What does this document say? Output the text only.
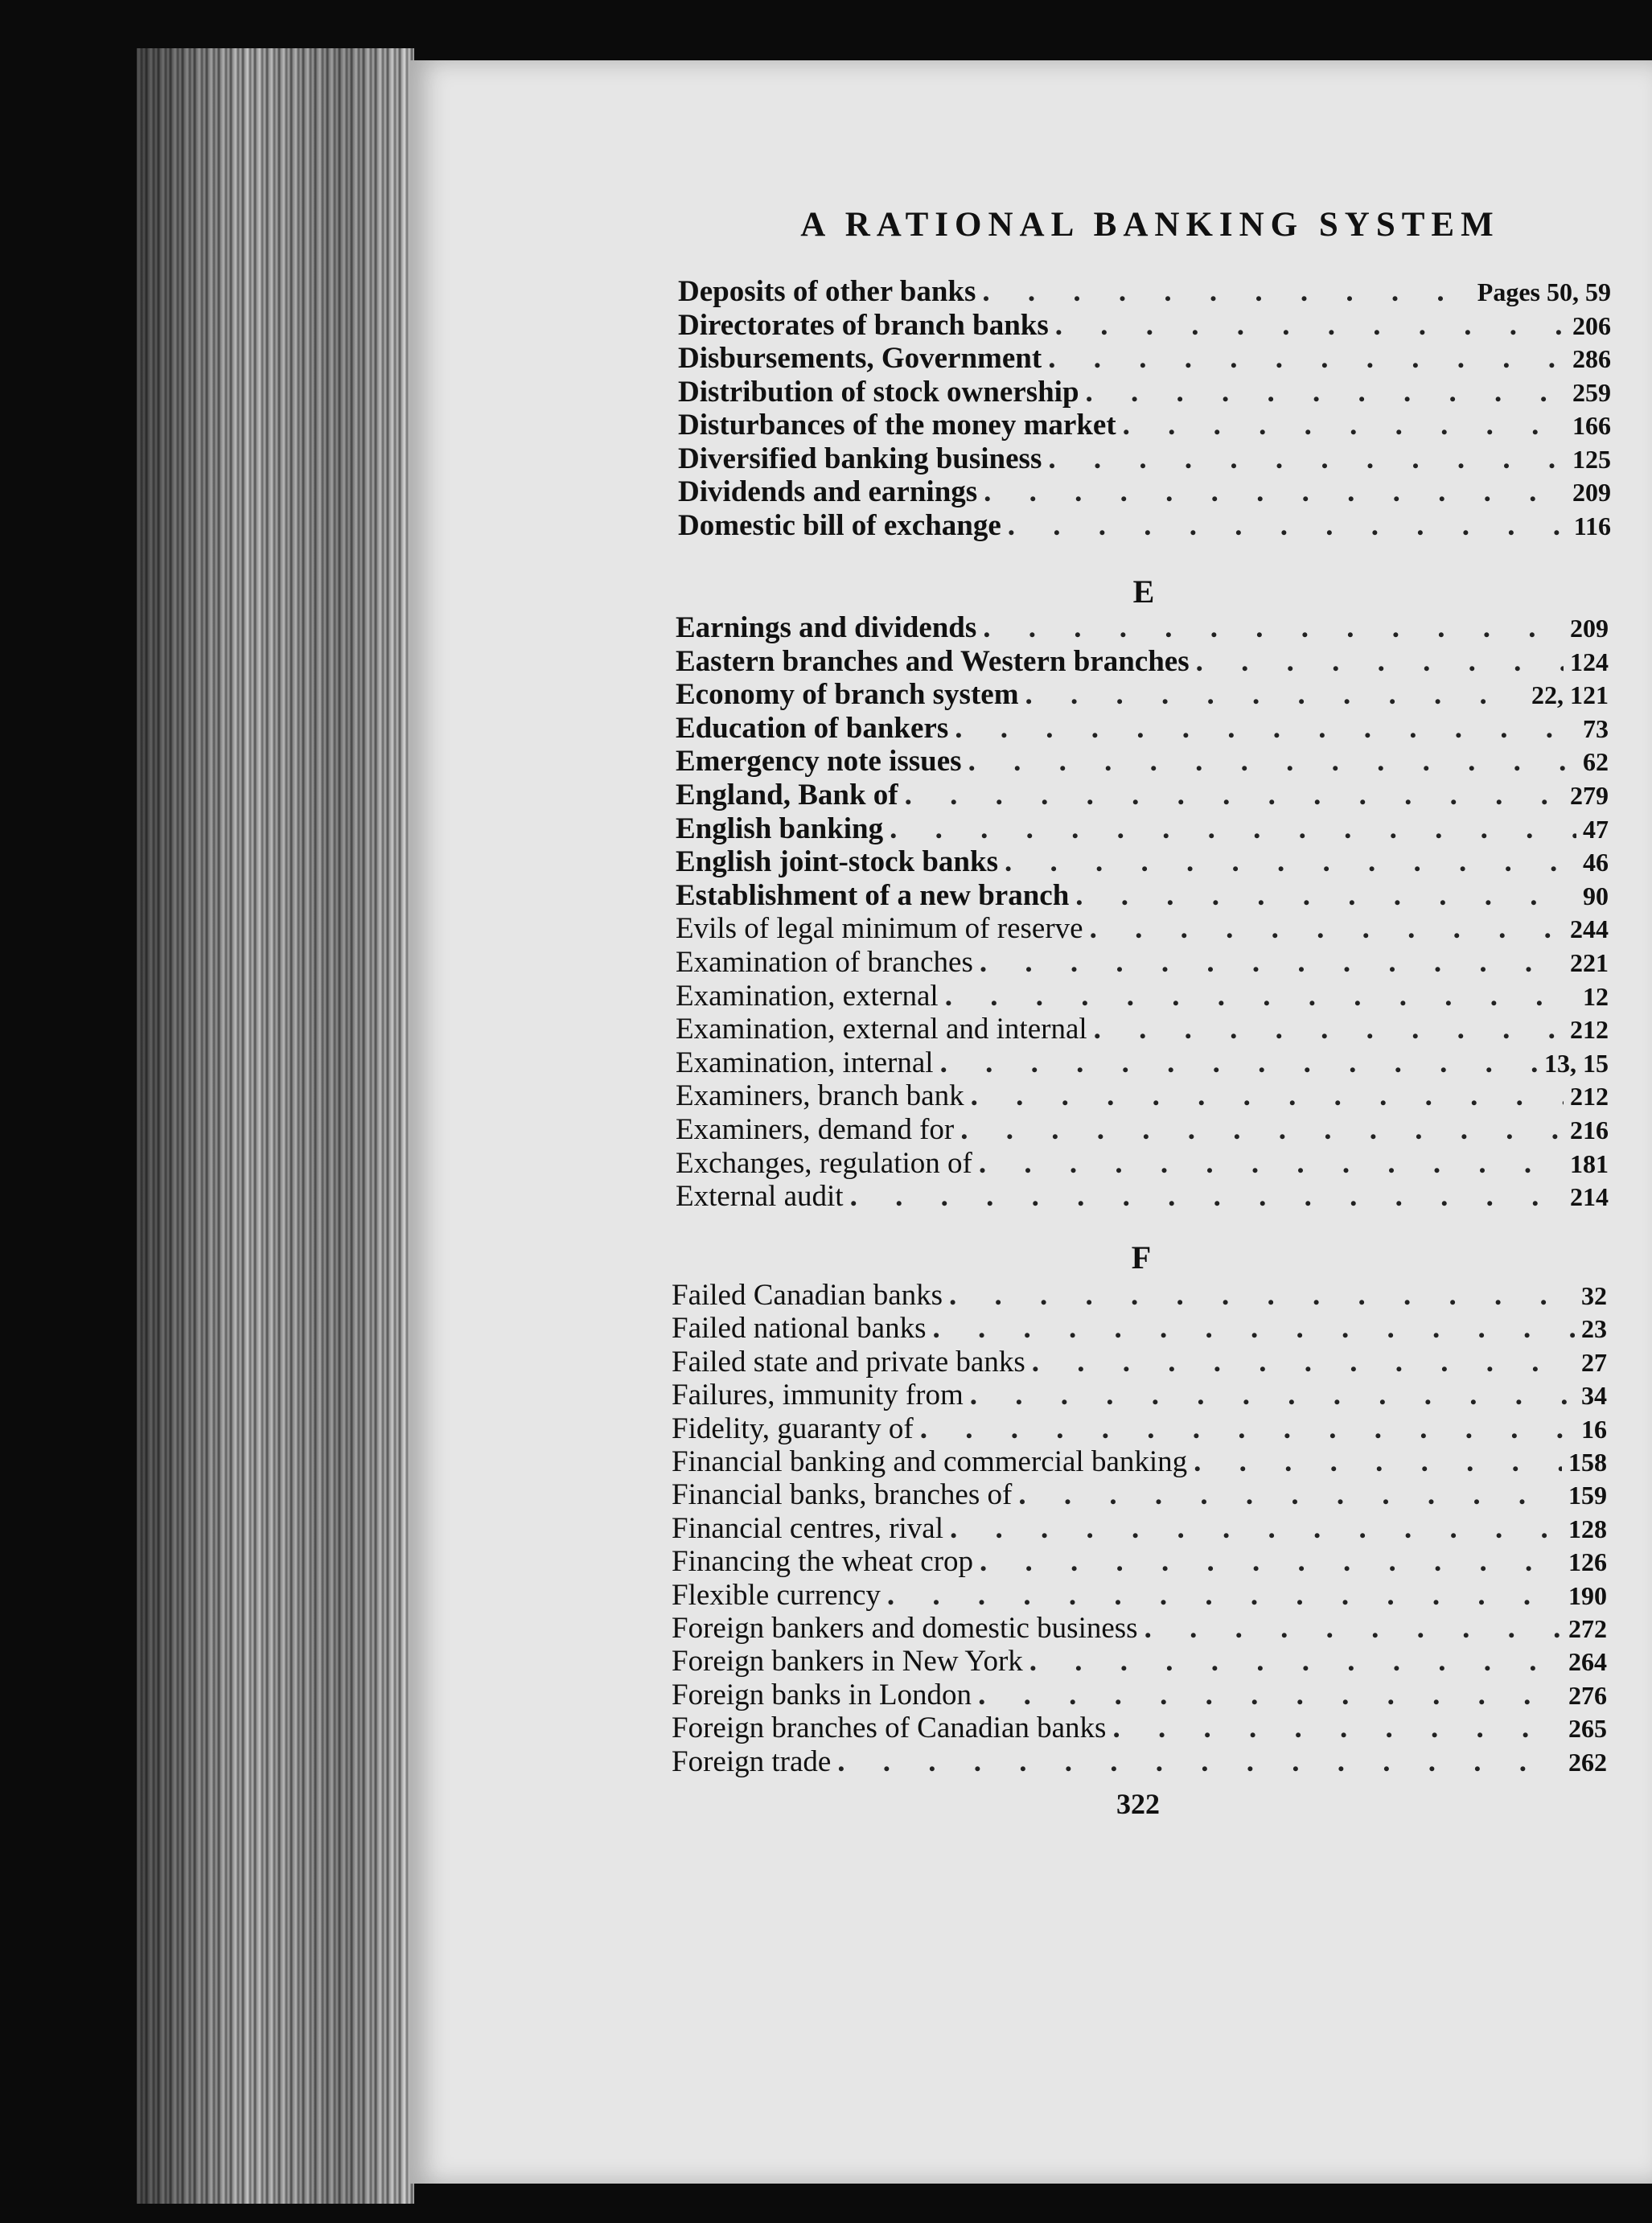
A RATIONAL BANKING SYSTEM
Deposits of other banks . . .	Pages 50, 59
Directorates of branch banks . . .	206
Disbursements, Government . . .	286
Distribution of stock ownership . . .	259
Disturbances of the money market . . .	166
Diversified banking business . . .	125
Dividends and earnings . . .	209
Domestic bill of exchange . . .	116
Earnings and dividends . . .	209
Eastern branches and Western branches . . .	124
Economy of branch system . . .	22, 121
Education of bankers . . .	73
Emergency note issues . . .	62
England, Bank of . . .	279
English banking . . .	47
English joint-stock banks . . .	46
Establishment of a new branch . . .	90
Evils of legal minimum of reserve . . .	244
Examination of branches . . .	221
Examination, external . . .	12
Examination, external and internal . . .	212
Examination, internal . . .	13, 15
Examiners, branch bank . . .	212
Examiners, demand for . . .	216
Exchanges, regulation of . . .	181
External audit . . .	214
Failed Canadian banks . . .	32
Failed national banks . . .	23
Failed state and private banks . . .	27
Failures, immunity from . . .	34
Fidelity, guaranty of . . .	16
Financial banking and commercial banking . . .	158
Financial banks, branches of . . .	159
Financial centres, rival . . .	128
Financing the wheat crop . . .	126
Flexible currency . . .	190
Foreign bankers and domestic business . . .	272
Foreign bankers in New York . . .	264
Foreign banks in London . . .	276
Foreign branches of Canadian banks . . .	265
Foreign trade . . .	262
E
F
322
